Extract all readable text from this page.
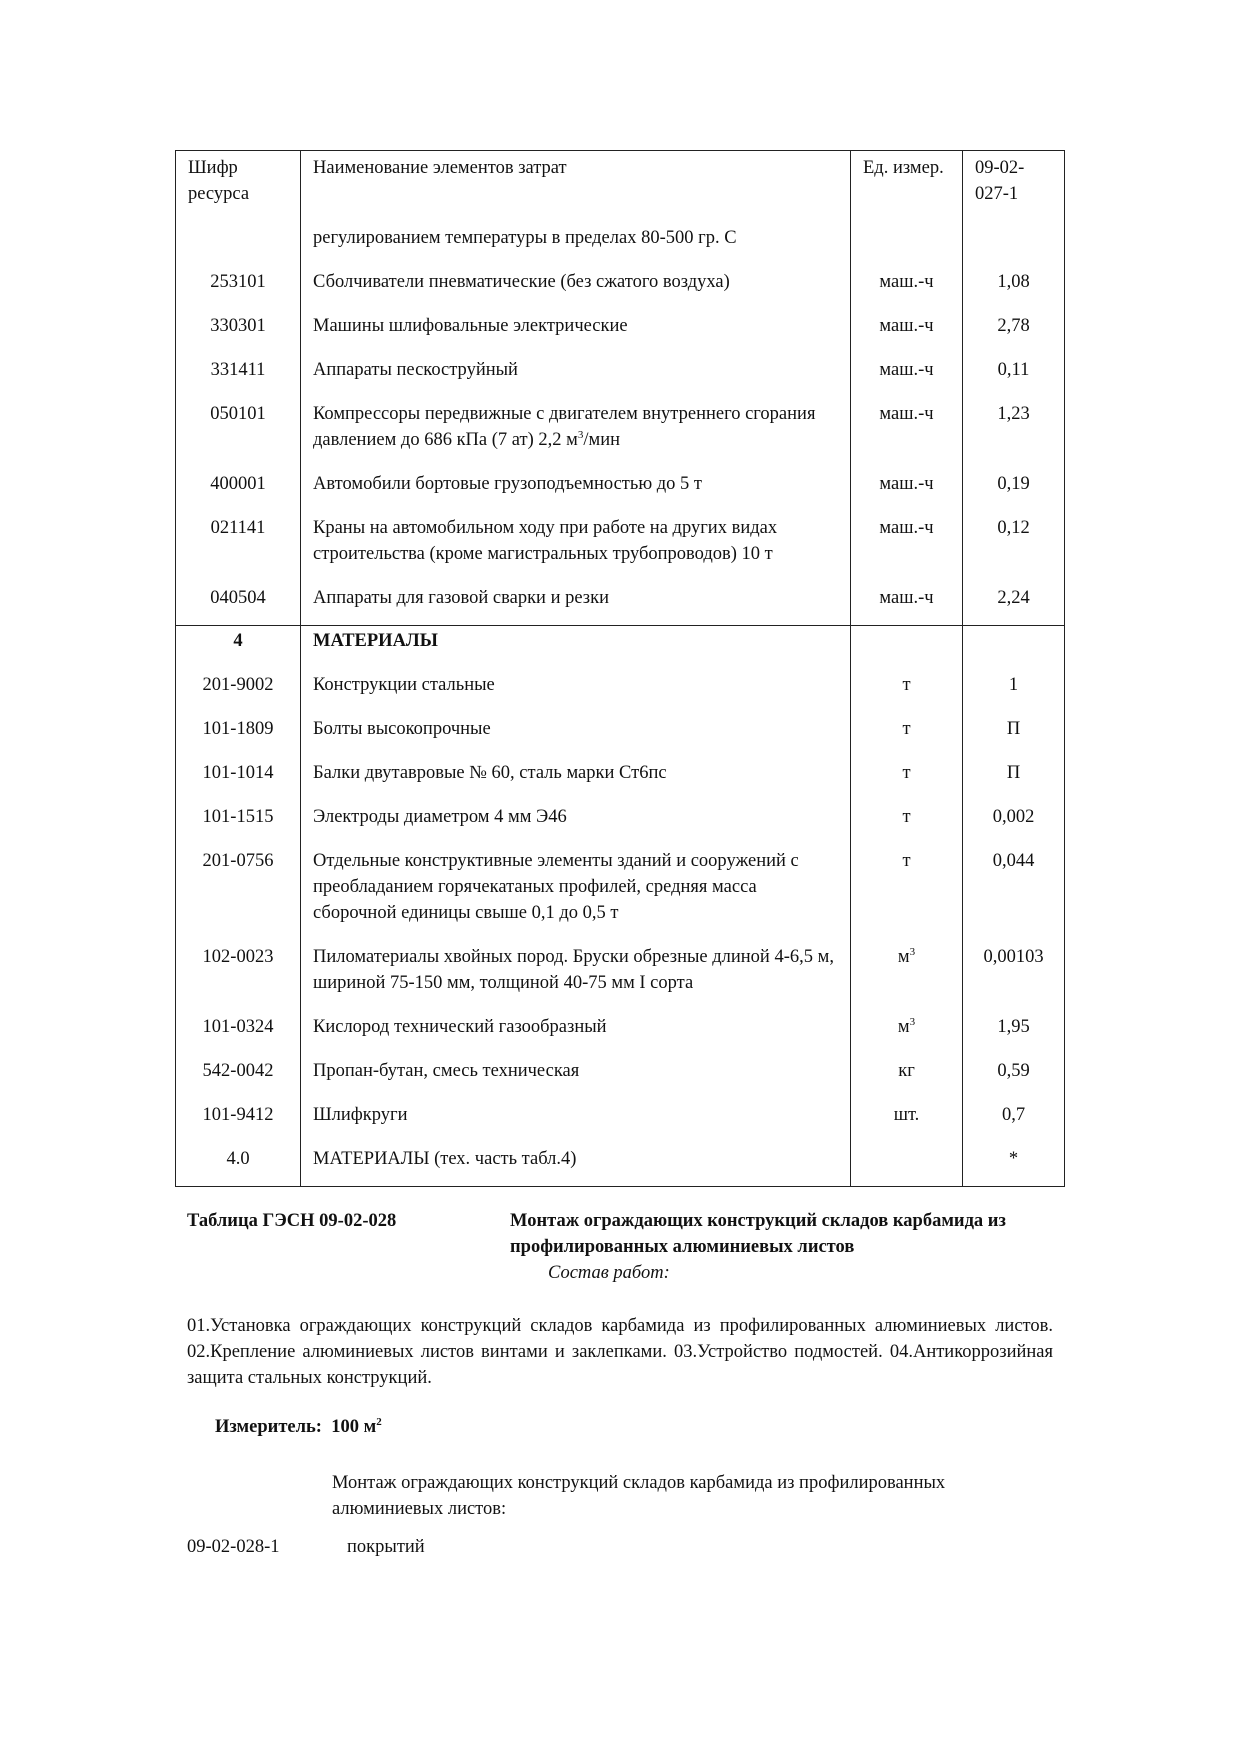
Шифр ресурса	Наименование элементов затрат	Ед. измер.	09-02-027-1
	регулированием температуры в пределах 80-500 гр. С		
253101	Сболчиватели пневматические (без сжатого воздуха)	маш.-ч	1,08
330301	Машины шлифовальные электрические	маш.-ч	2,78
331411	Аппараты пескоструйный	маш.-ч	0,11
050101	Компрессоры передвижные с двигателем внутреннего сгорания давлением до 686 кПа (7 ат) 2,2 $м^3$/мин	маш.-ч	1,23
400001	Автомобили бортовые грузоподъемностью до 5 т	маш.-ч	0,19
021141	Краны на автомобильном ходу при работе на других видах строительства (кроме магистральных трубопроводов) 10 т	маш.-ч	0,12
040504	Аппараты для газовой сварки и резки	маш.-ч	2,24
4	МАТЕРИАЛЫ		
201-9002	Конструкции стальные	т	1
101-1809	Болты высокопрочные	т	П
101-1014	Балки двутавровые № 60, сталь марки Ст6пс	т	П
101-1515	Электроды диаметром 4 мм Э46	т	0,002
201-0756	Отдельные конструктивные элементы зданий и сооружений с преобладанием горячекатаных профилей, средняя масса сборочной единицы свыше 0,1 до 0,5 т	т	0,044
102-0023	Пиломатериалы хвойных пород. Бруски обрезные длиной 4-6,5 м, шириной 75-150 мм, толщиной 40-75 мм I сорта	$м^3$	0,00103
101-0324	Кислород технический газообразный	$м^3$	1,95
542-0042	Пропан-бутан, смесь техническая	кг	0,59
101-9412	Шлифкруги	шт.	0,7
4.0	МАТЕРИАЛЫ (тех. часть табл.4)		*
Таблица ГЭСН 09-02-028	Монтаж ограждающих конструкций складов карбамида из профилированных алюминиевых листов
Состав работ:
01.Установка ограждающих конструкций складов карбамида из профилированных алюминиевых листов. 02.Крепление алюминиевых листов винтами и заклепками. 03.Устройство подмостей. 04.Антикоррозийная защита стальных конструкций.
Измеритель: 100 $м^2$
Монтаж ограждающих конструкций складов карбамида из профилированных алюминиевых листов:
09-02-028-1	покрытий
